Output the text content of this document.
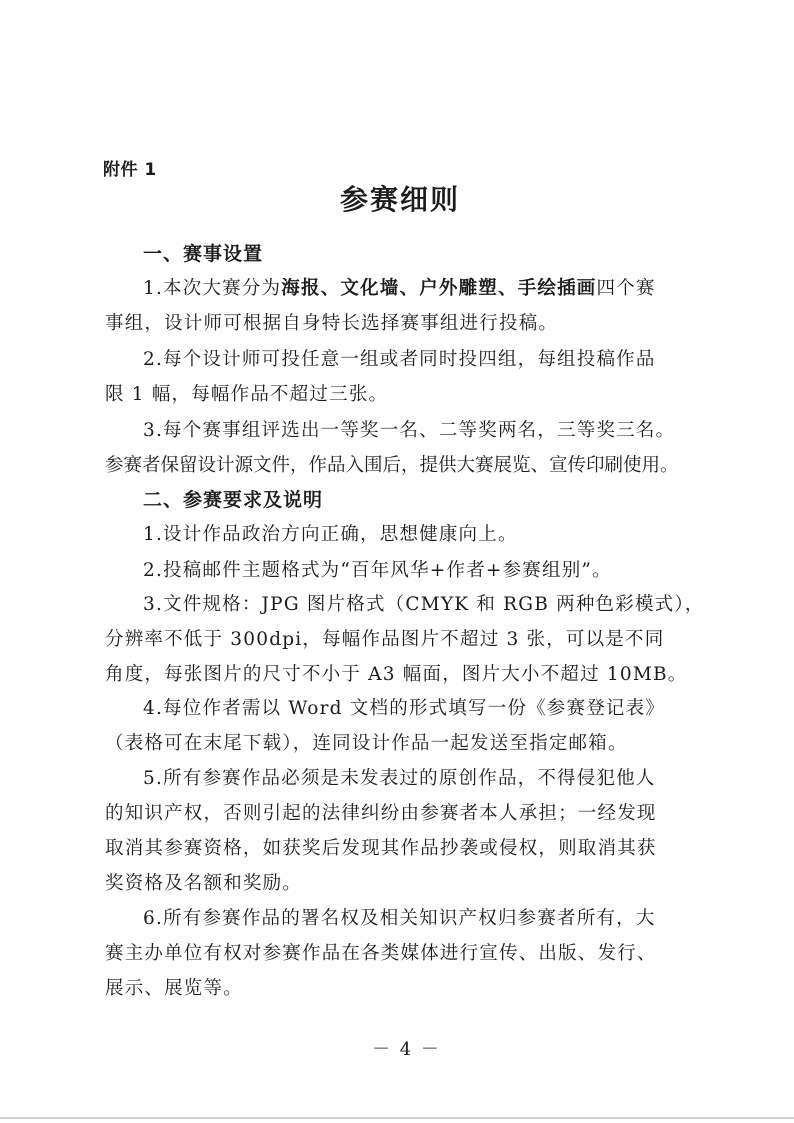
附件 1
参赛细则
一、赛事设置
1.本次大赛分为海报、文化墙、户外雕塑、手绘插画四个赛
事组，设计师可根据自身特长选择赛事组进行投稿。
2.每个设计师可投任意一组或者同时投四组，每组投稿作品
限 1 幅，每幅作品不超过三张。
3.每个赛事组评选出一等奖一名、二等奖两名，三等奖三名。
参赛者保留设计源文件，作品入围后，提供大赛展览、宣传印刷使用。
二、参赛要求及说明
1.设计作品政治方向正确，思想健康向上。
2.投稿邮件主题格式为“百年风华+作者+参赛组别”。
3.文件规格：JPG 图片格式（CMYK 和 RGB 两种色彩模式），
分辨率不低于 300dpi，每幅作品图片不超过 3 张，可以是不同
角度，每张图片的尺寸不小于 A3 幅面，图片大小不超过 10MB。
4.每位作者需以 Word 文档的形式填写一份《参赛登记表》
（表格可在末尾下载），连同设计作品一起发送至指定邮箱。
5.所有参赛作品必须是未发表过的原创作品，不得侵犯他人
的知识产权，否则引起的法律纠纷由参赛者本人承担；一经发现
取消其参赛资格，如获奖后发现其作品抄袭或侵权，则取消其获
奖资格及名额和奖励。
6.所有参赛作品的署名权及相关知识产权归参赛者所有，大
赛主办单位有权对参赛作品在各类媒体进行宣传、出版、发行、
展示、展览等。
－ 4 －
